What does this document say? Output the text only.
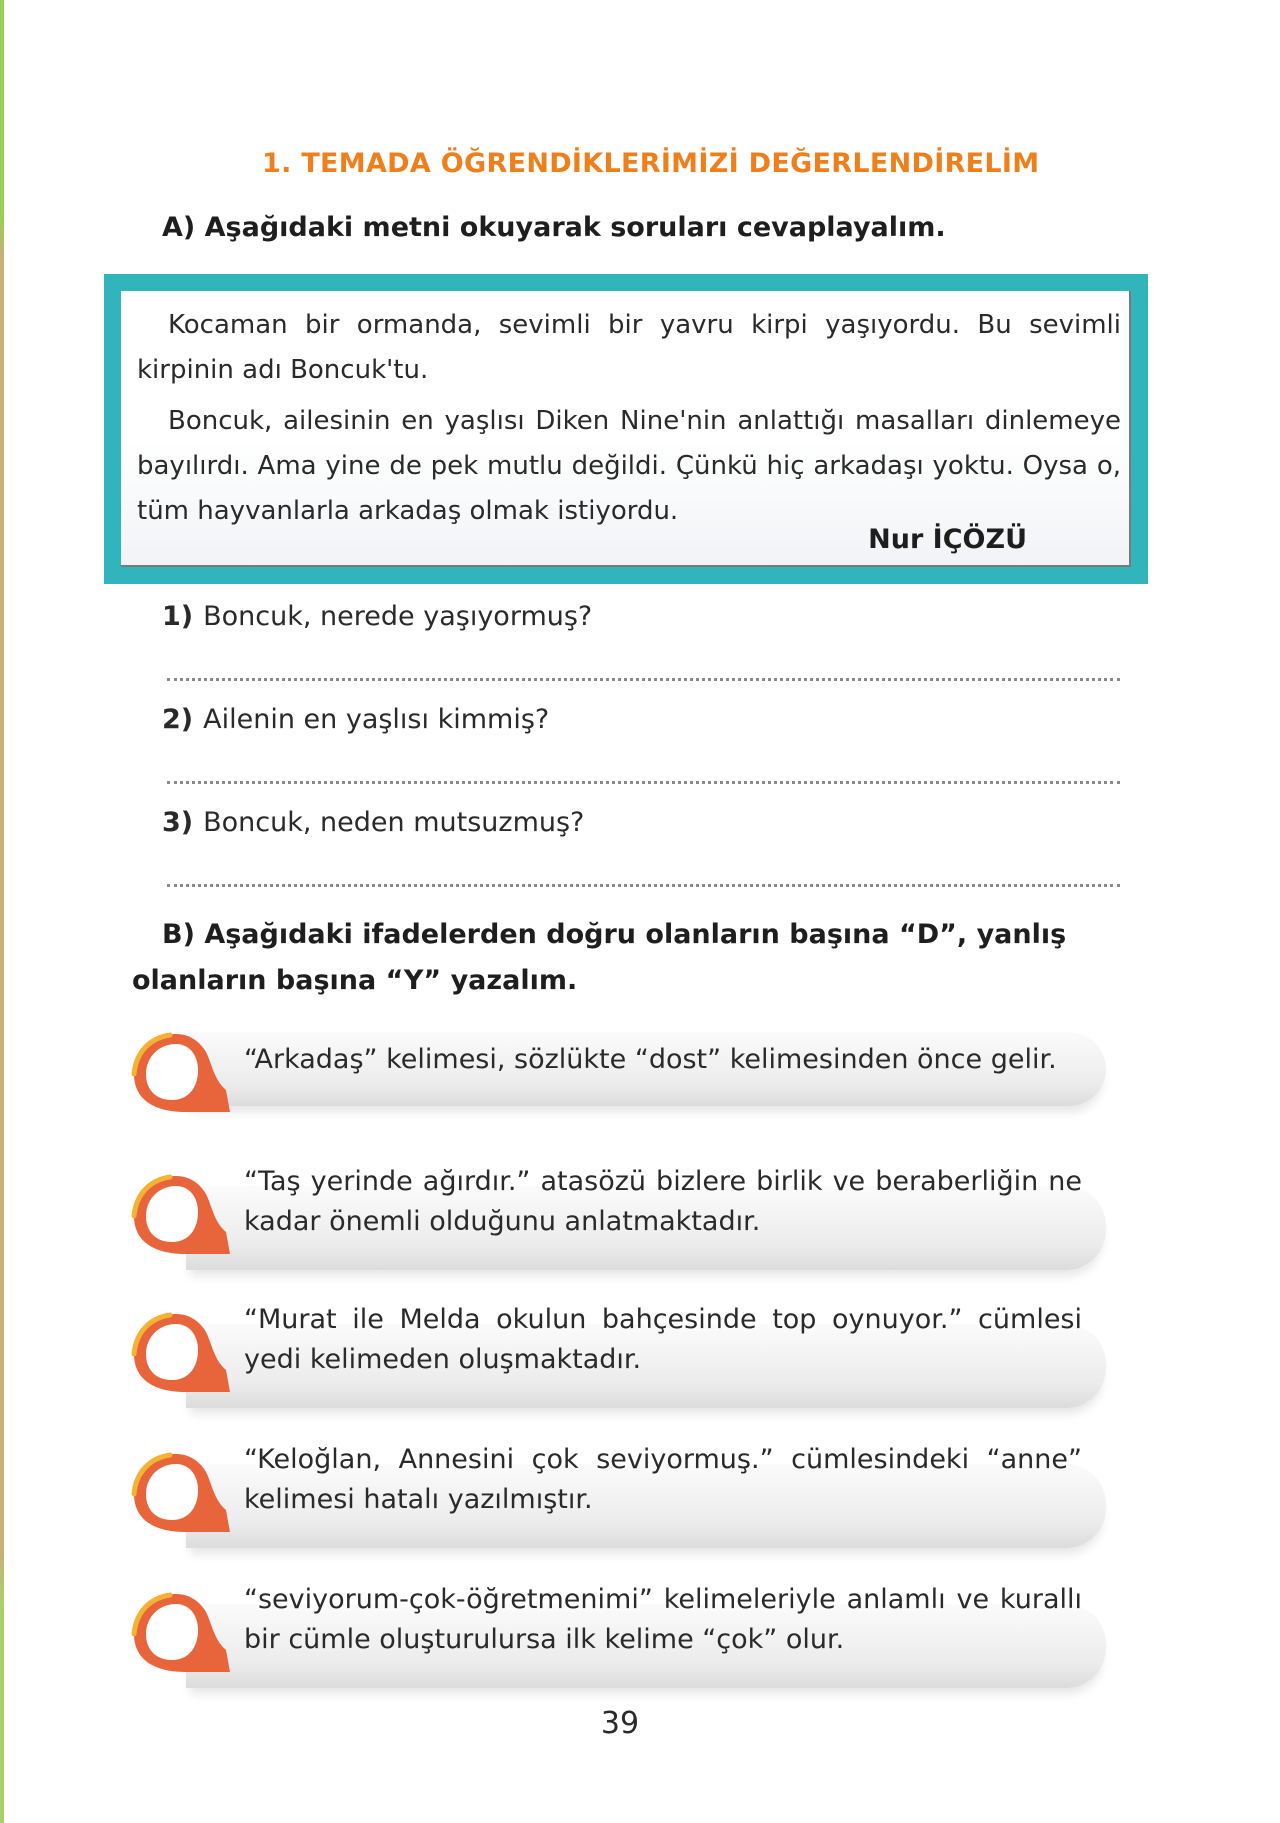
1. TEMADA ÖĞRENDİKLERİMİZİ DEĞERLENDİRELİM
A) Aşağıdaki metni okuyarak soruları cevaplayalım.

Kocaman bir ormanda, sevimli bir yavru kirpi yaşıyordu. Bu sevimli kirpinin adı Boncuk'tu.

Boncuk, ailesinin en yaşlısı Diken Nine'nin anlattığı masalları dinlemeye bayılırdı. Ama yine de pek mutlu değildi. Çünkü hiç arkadaşı yoktu. Oysa o, tüm hayvanlarla arkadaş olmak istiyordu.

Nur İÇÖZÜ
1) Boncuk, nerede yaşıyormuş?
2) Ailenin en yaşlısı kimmiş?
3) Boncuk, neden mutsuzmuş?
B) Aşağıdaki ifadelerden doğru olanların başına “D”, yanlış olanların başına “Y” yazalım.
“Arkadaş” kelimesi, sözlükte “dost” kelimesinden önce gelir.
“Taş yerinde ağırdır.” atasözü bizlere birlik ve beraberliğin ne kadar önemli olduğunu anlatmaktadır.
“Murat ile Melda okulun bahçesinde top oynuyor.” cümlesi yedi kelimeden oluşmaktadır.
“Keloğlan, Annesini çok seviyormuş.” cümlesindeki “anne” kelimesi hatalı yazılmıştır.
“seviyorum-çok-öğretmenimi” kelimeleriyle anlamlı ve kurallı bir cümle oluşturulursa ilk kelime “çok” olur.
39
